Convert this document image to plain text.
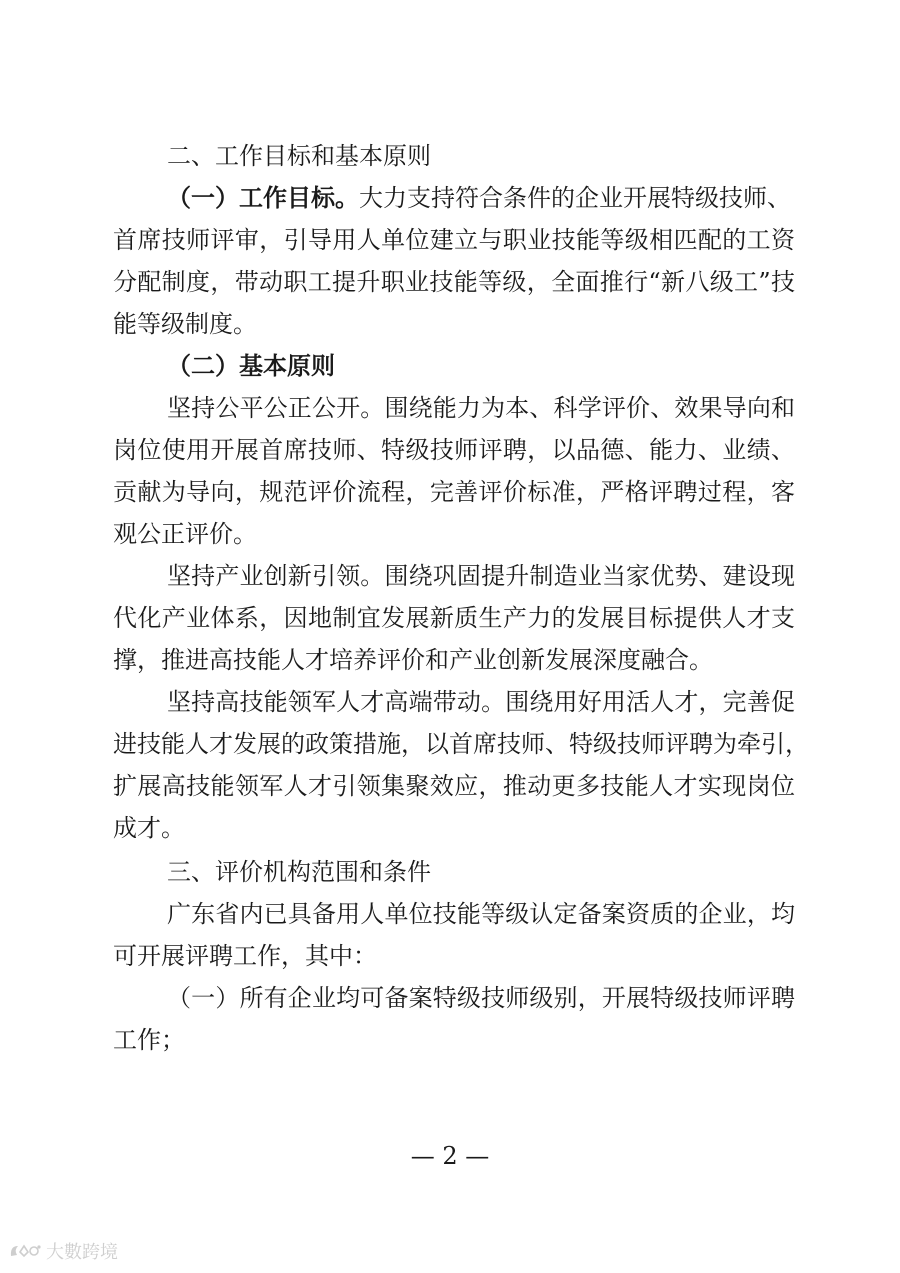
二、工作目标和基本原则
（一）工作目标。 大力支持符合条件的企业开展特级技师、
首席技师评审，引导用人单位建立与职业技能等级相匹配的工资
分配制度，带动职工提升职业技能等级，全面推行“新八级工”技
能等级制度。
（二）基本原则
坚持公平公正公开。围绕能力为本、科学评价、效果导向和
岗位使用开展首席技师、特级技师评聘，以品德、能力、业绩、
贡献为导向，规范评价流程，完善评价标准，严格评聘过程，客
观公正评价。
坚持产业创新引领。围绕巩固提升制造业当家优势、建设现
代化产业体系，因地制宜发展新质生产力的发展目标提供人才支
撑，推进高技能人才培养评价和产业创新发展深度融合。
坚持高技能领军人才高端带动。围绕用好用活人才，完善促
进技能人才发展的政策措施，以首席技师、特级技师评聘为牵引，
扩展高技能领军人才引领集聚效应，推动更多技能人才实现岗位
成才。
三、评价机构范围和条件
广东省内已具备用人单位技能等级认定备案资质的企业，均
可开展评聘工作，其中：
（一）所有企业均可备案特级技师级别，开展特级技师评聘
工作；
— 2 —
大數跨境
